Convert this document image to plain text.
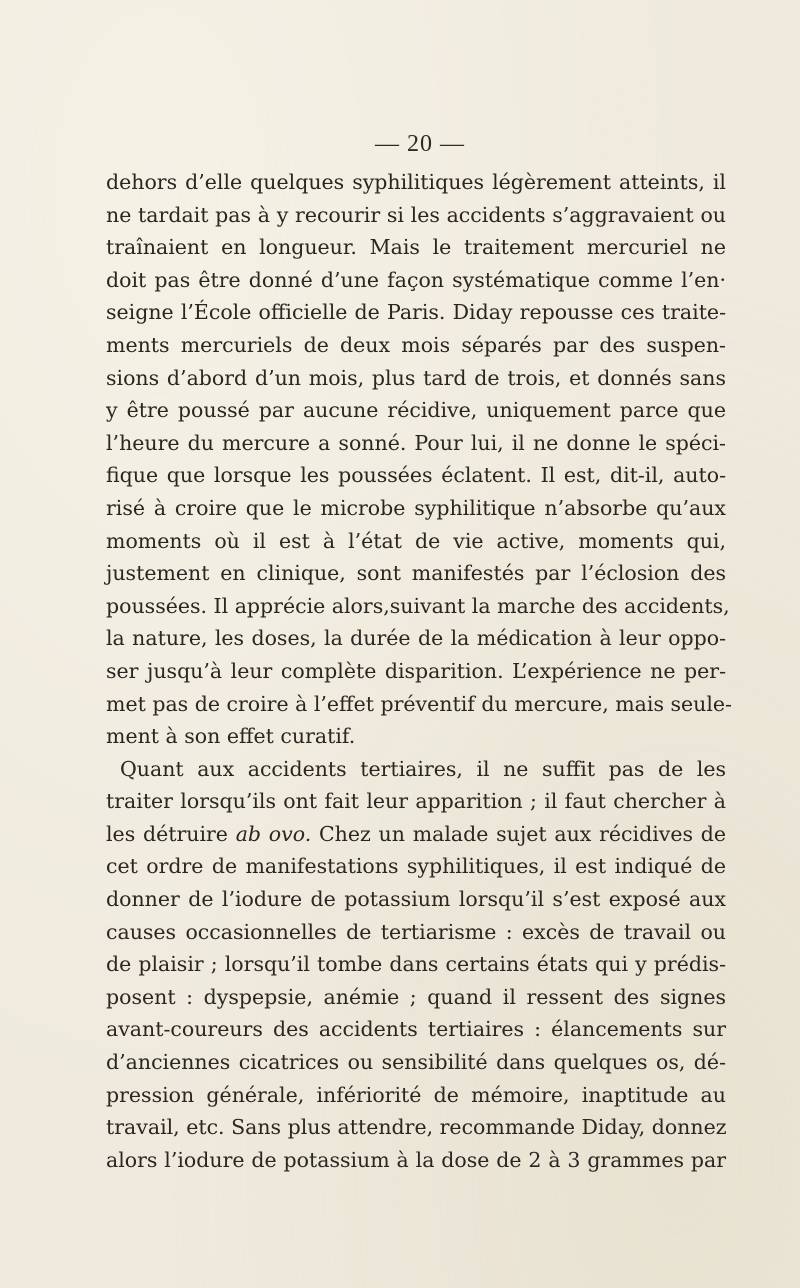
— 20 —
dehors d’elle quelques syphilitiques légèrement atteints, il
ne tardait pas à y recourir si les accidents s’aggravaient ou
traînaient en longueur. Mais le traitement mercuriel ne
doit pas être donné d’une façon systématique comme l’en·
seigne l’École officielle de Paris. Diday repousse ces traite-
ments mercuriels de deux mois séparés par des suspen-
sions d’abord d’un mois, plus tard de trois, et donnés sans
y être poussé par aucune récidive, uniquement parce que
l’heure du mercure a sonné. Pour lui, il ne donne le spéci-
fique que lorsque les poussées éclatent. Il est, dit-il, auto-
risé à croire que le microbe syphilitique n’absorbe qu’aux
moments où il est à l’état de vie active, moments qui,
justement en clinique, sont manifestés par l’éclosion des
poussées. Il apprécie alors,suivant la marche des accidents,
la nature, les doses, la durée de la médication à leur oppo-
ser jusqu’à leur complète disparition. L’expérience ne per-
met pas de croire à l’effet préventif du mercure, mais seule-
ment à son effet curatif.
Quant aux accidents tertiaires, il ne suffit pas de les
traiter lorsqu’ils ont fait leur apparition ; il faut chercher à
les détruire ab ovo. Chez un malade sujet aux récidives de
cet ordre de manifestations syphilitiques, il est indiqué de
donner de l’iodure de potassium lorsqu’il s’est exposé aux
causes occasionnelles de tertiarisme : excès de travail ou
de plaisir ; lorsqu’il tombe dans certains états qui y prédis-
posent : dyspepsie, anémie ; quand il ressent des signes
avant-coureurs des accidents tertiaires : élancements sur
d’anciennes cicatrices ou sensibilité dans quelques os, dé-
pression générale, infériorité de mémoire, inaptitude au
travail, etc. Sans plus attendre, recommande Diday, donnez
alors l’iodure de potassium à la dose de 2 à 3 grammes par
